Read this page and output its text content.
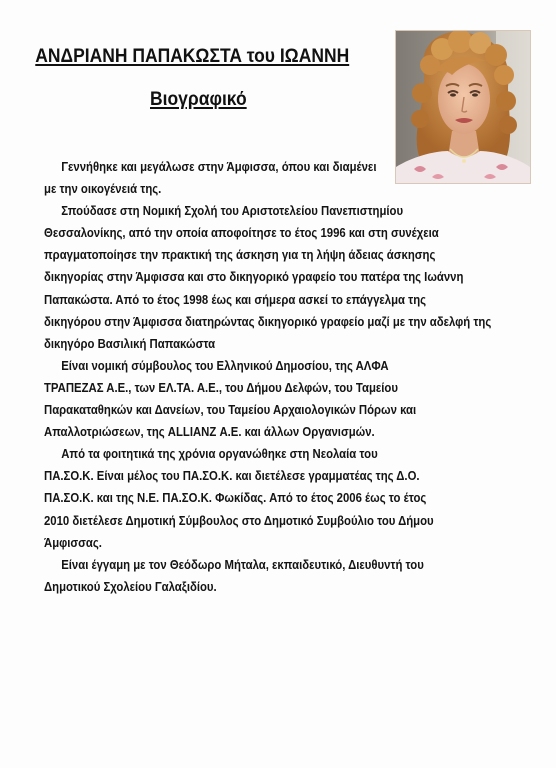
ΑΝΔΡΙΑΝΗ ΠΑΠΑΚΩΣΤΑ του ΙΩΑΝΝΗ
Βιογραφικό
Γεννήθηκε και μεγάλωσε στην Άμφισσα, όπου και διαμένει
με την οικογένειά της.
Σπούδασε στη Νομική Σχολή του Αριστοτελείου Πανεπιστημίου
Θεσσαλονίκης, από την οποία αποφοίτησε το έτος 1996 και στη συνέχεια
πραγματοποίησε την πρακτική της άσκηση για τη λήψη άδειας άσκησης
δικηγορίας στην Άμφισσα και στο δικηγορικό γραφείο του πατέρα της Ιωάννη
Παπακώστα. Από το έτος 1998 έως και σήμερα ασκεί το επάγγελμα της
δικηγόρου στην Άμφισσα διατηρώντας δικηγορικό γραφείο μαζί με την αδελφή της
δικηγόρο Βασιλική Παπακώστα
Είναι νομική σύμβουλος του Ελληνικού Δημοσίου, της ΑΛΦΑ
ΤΡΑΠΕΖΑΣ Α.Ε., των ΕΛ.ΤΑ. Α.Ε., του Δήμου Δελφών, του Ταμείου
Παρακαταθηκών και Δανείων, του Ταμείου Αρχαιολογικών Πόρων και
Απαλλοτριώσεων, της ALLIANZ Α.Ε. και άλλων Οργανισμών.
Από τα φοιτητικά της χρόνια οργανώθηκε στη Νεολαία του
ΠΑ.ΣΟ.Κ. Είναι μέλος του ΠΑ.ΣΟ.Κ. και διετέλεσε γραμματέας της Δ.Ο.
ΠΑ.ΣΟ.Κ. και της Ν.Ε. ΠΑ.ΣΟ.Κ. Φωκίδας. Από το έτος 2006 έως το έτος
2010 διετέλεσε Δημοτική Σύμβουλος στο Δημοτικό Συμβούλιο του Δήμου
Άμφισσας.
Είναι έγγαμη με τον Θεόδωρο Μήταλα, εκπαιδευτικό, Διευθυντή του
Δημοτικού Σχολείου Γαλαξιδίου.
